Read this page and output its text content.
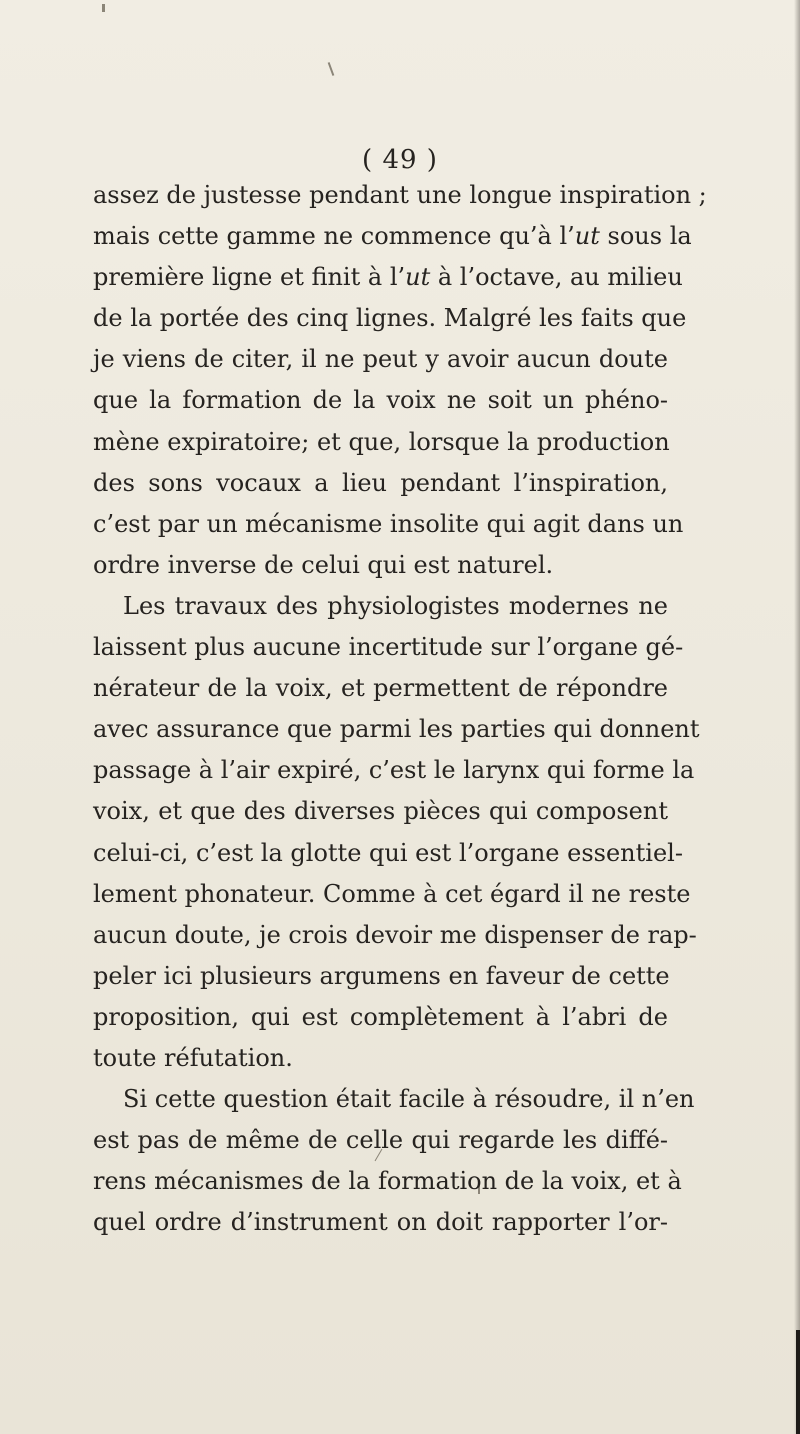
( 49 )
assez de justesse pendant une longue inspiration ;
mais cette gamme ne commence qu’à l’ut sous la
première ligne et finit à l’ut à l’octave, au milieu
de la portée des cinq lignes. Malgré les faits que
je viens de citer, il ne peut y avoir aucun doute
que la formation de la voix ne soit un phéno-
mène expiratoire; et que, lorsque la production
des sons vocaux a lieu pendant l’inspiration,
c’est par un mécanisme insolite qui agit dans un
ordre inverse de celui qui est naturel.
Les travaux des physiologistes modernes ne
laissent plus aucune incertitude sur l’organe gé-
nérateur de la voix, et permettent de répondre
avec assurance que parmi les parties qui donnent
passage à l’air expiré, c’est le larynx qui forme la
voix, et que des diverses pièces qui composent
celui-ci, c’est la glotte qui est l’organe essentiel-
lement phonateur. Comme à cet égard il ne reste
aucun doute, je crois devoir me dispenser de rap-
peler ici plusieurs argumens en faveur de cette
proposition, qui est complètement à l’abri de
toute réfutation.
Si cette question était facile à résoudre, il n’en
est pas de même de celle qui regarde les diffé-
rens mécanismes de la formation de la voix, et à
quel ordre d’instrument on doit rapporter l’or-
